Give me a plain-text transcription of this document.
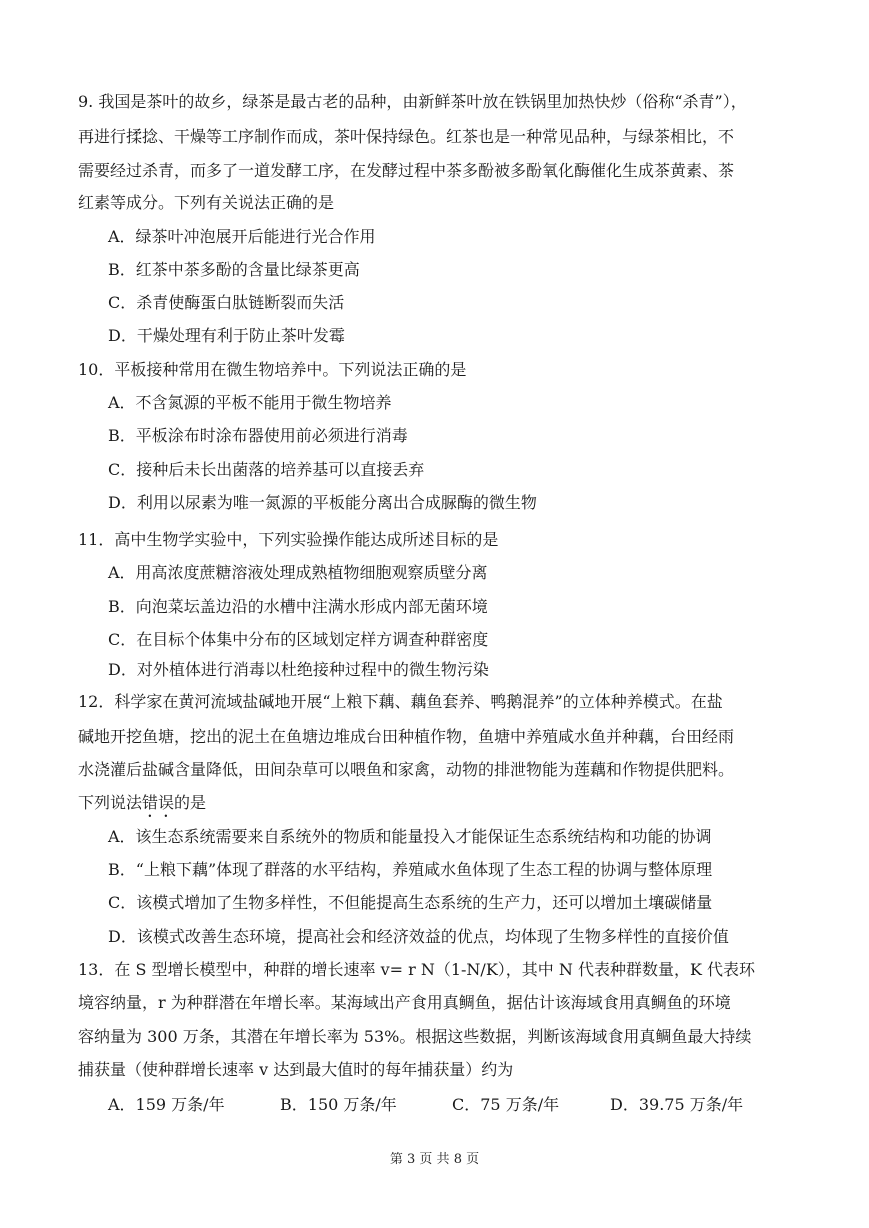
9. 我国是茶叶的故乡，绿茶是最古老的品种，由新鲜茶叶放在铁锅里加热快炒（俗称“杀青”），
再进行揉捻、干燥等工序制作而成，茶叶保持绿色。红茶也是一种常见品种，与绿茶相比，不
需要经过杀青，而多了一道发酵工序，在发酵过程中茶多酚被多酚氧化酶催化生成茶黄素、茶
红素等成分。下列有关说法正确的是
A．绿茶叶冲泡展开后能进行光合作用
B．红茶中茶多酚的含量比绿茶更高
C．杀青使酶蛋白肽链断裂而失活
D．干燥处理有利于防止茶叶发霉
10．平板接种常用在微生物培养中。下列说法正确的是
A．不含氮源的平板不能用于微生物培养
B．平板涂布时涂布器使用前必须进行消毒
C．接种后未长出菌落的培养基可以直接丢弃
D．利用以尿素为唯一氮源的平板能分离出合成脲酶的微生物
11．高中生物学实验中，下列实验操作能达成所述目标的是
A．用高浓度蔗糖溶液处理成熟植物细胞观察质壁分离
B．向泡菜坛盖边沿的水槽中注满水形成内部无菌环境
C．在目标个体集中分布的区域划定样方调查种群密度
D．对外植体进行消毒以杜绝接种过程中的微生物污染
12．科学家在黄河流域盐碱地开展“上粮下藕、藕鱼套养、鸭鹅混养”的立体种养模式。在盐
碱地开挖鱼塘，挖出的泥土在鱼塘边堆成台田种植作物，鱼塘中养殖咸水鱼并种藕，台田经雨
水浇灌后盐碱含量降低，田间杂草可以喂鱼和家禽，动物的排泄物能为莲藕和作物提供肥料。
下列说法错误的是
A．该生态系统需要来自系统外的物质和能量投入才能保证生态系统结构和功能的协调
B．“上粮下藕”体现了群落的水平结构，养殖咸水鱼体现了生态工程的协调与整体原理
C．该模式增加了生物多样性，不但能提高生态系统的生产力，还可以增加土壤碳储量
D．该模式改善生态环境，提高社会和经济效益的优点，均体现了生物多样性的直接价值
13．在 S 型增长模型中，种群的增长速率 v= r N（1-N/K），其中 N 代表种群数量，K 代表环
境容纳量，r 为种群潜在年增长率。某海域出产食用真鲷鱼，据估计该海域食用真鲷鱼的环境
容纳量为 300 万条，其潜在年增长率为 53%。根据这些数据，判断该海域食用真鲷鱼最大持续
捕获量（使种群增长速率 v 达到最大值时的每年捕获量）约为
A．159 万条/年	B．150 万条/年	C．75 万条/年	D．39.75 万条/年
第 3 页 共 8 页
